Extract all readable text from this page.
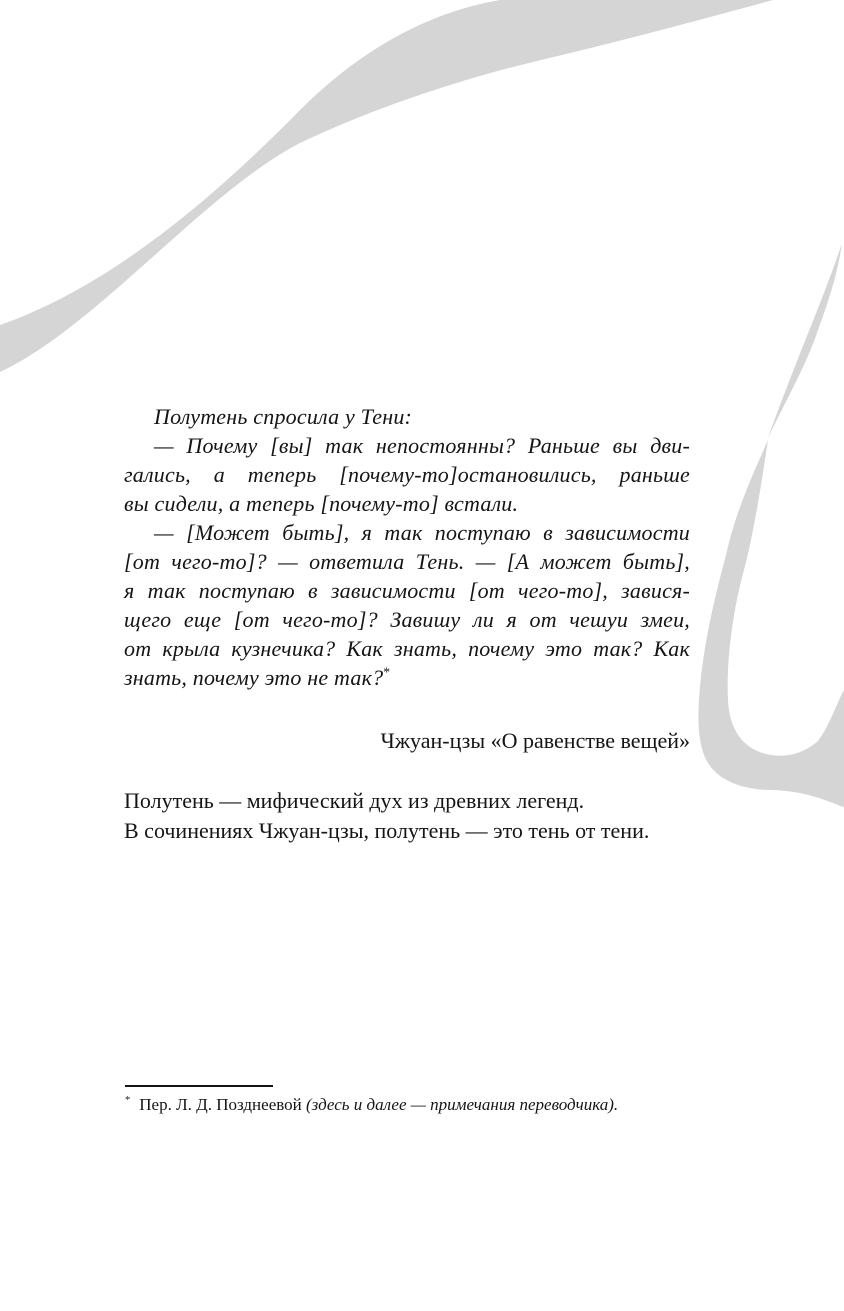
Полутень спросила у Тени:
— Почему [вы] так непостоянны? Раньше вы дви-
гались, а теперь [почему-то]остановились, раньше
вы сидели, а теперь [почему-то] встали.
— [Может быть], я так поступаю в зависимости
[от чего-то]? — ответила Тень. — [А может быть],
я так поступаю в зависимости [от чего-то], завися-
щего еще [от чего-то]? Завишу ли я от чешуи змеи,
от крыла кузнечика? Как знать, почему это так? Как
знать, почему это не так?*
Чжуан-цзы «О равенстве вещей»
Полутень — мифический дух из древних легенд.
В сочинениях Чжуан-цзы, полутень — это тень от тени.
* Пер. Л. Д. Позднеевой (здесь и далее — примечания переводчика).
